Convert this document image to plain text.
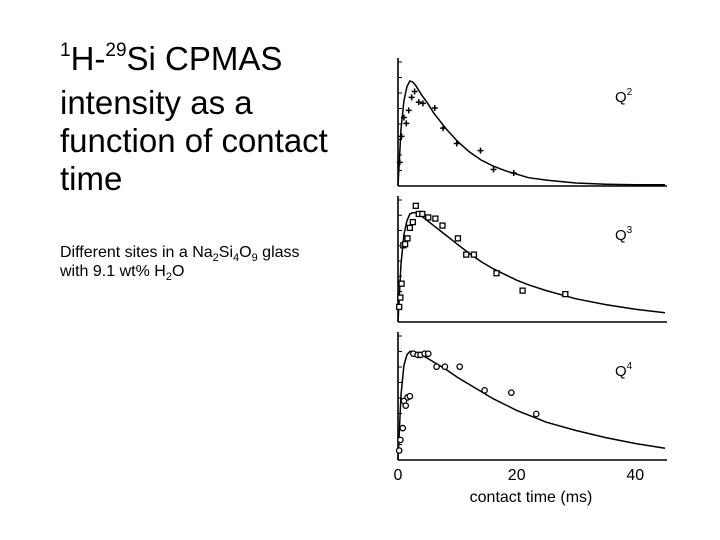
$^1$H-$^{29}$Si CPMAS
intensity as a
function of contact
time
Different sites in a $Na_2Si_4O_9$ glass
with 9.1 wt% $H_2O$
$Q^2$
$Q^3$
$Q^4$
0	20	40
contact time (ms)
